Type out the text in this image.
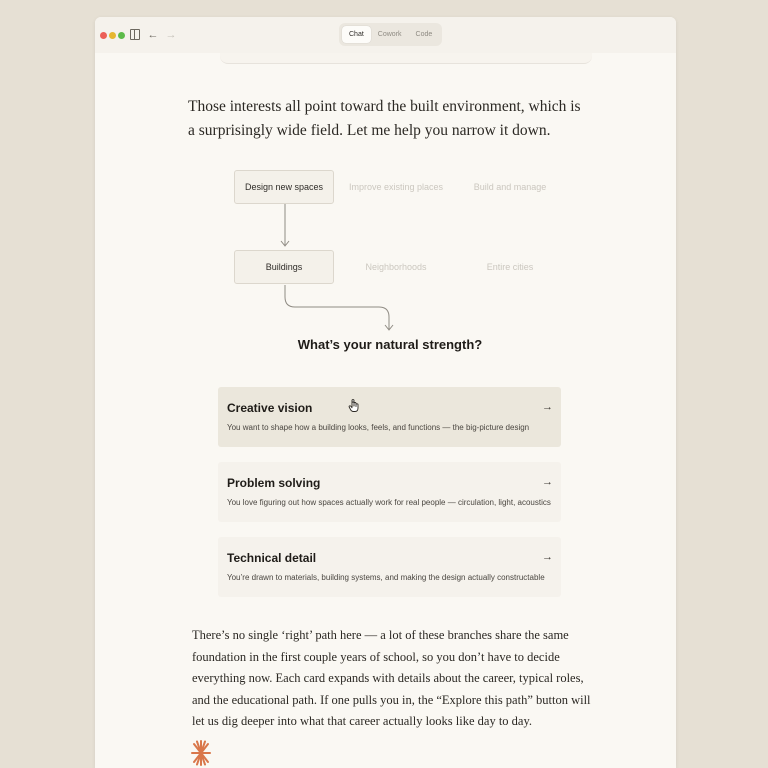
← →	Chat	Cowork	Code

Those interests all point toward the built environment, which is a surprisingly wide field. Let me help you narrow it down.

Design new spaces	Improve existing places	Build and manage
Buildings	Neighborhoods	Entire cities
What’s your natural strength?
Creative vision
You want to shape how a building looks, feels, and functions — the big-picture design
→
Problem solving
You love figuring out how spaces actually work for real people — circulation, light, acoustics
→
Technical detail
You’re drawn to materials, building systems, and making the design actually constructable
→

There’s no single ‘right’ path here — a lot of these branches share the same foundation in the first couple years of school, so you don’t have to decide everything now. Each card expands with details about the career, typical roles, and the educational path. If one pulls you in, the “Explore this path” button will let us dig deeper into what that career actually looks like day to day.
